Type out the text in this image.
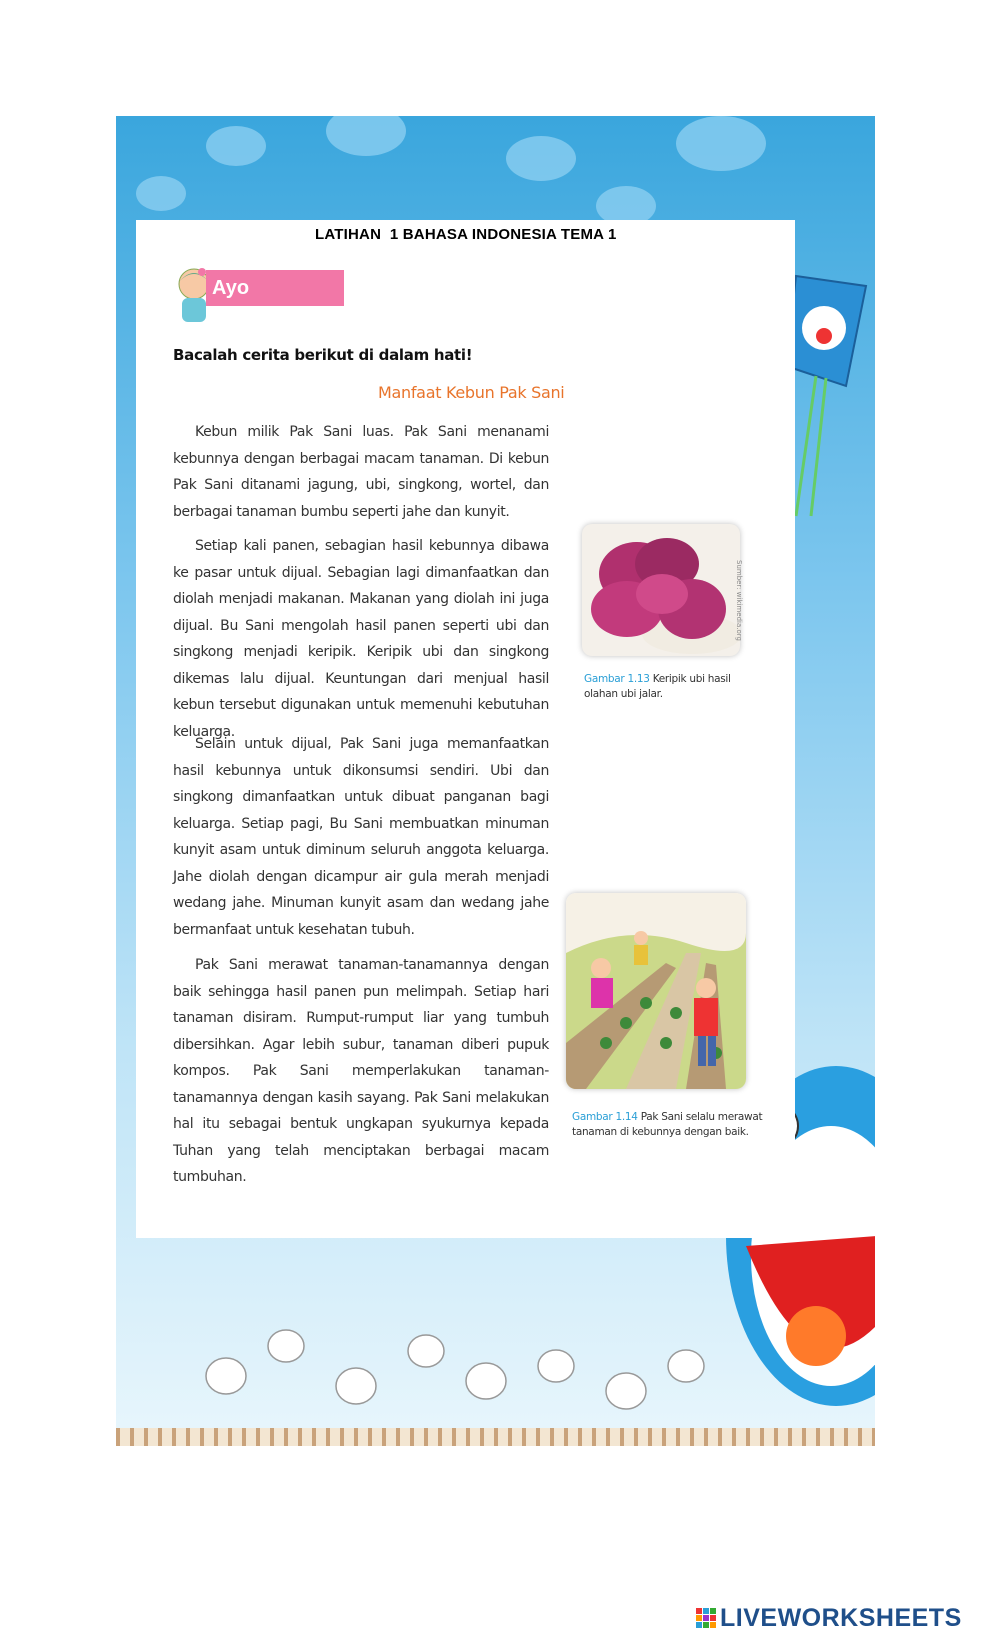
LATIHAN  1 BAHASA INDONESIA TEMA 1
Ayo Membaca
Bacalah cerita berikut di dalam hati!
Manfaat Kebun Pak Sani

Kebun milik Pak Sani luas. Pak Sani menanami kebunnya dengan berbagai macam tanaman. Di kebun Pak Sani ditanami jagung, ubi, singkong, wortel, dan berbagai tanaman bumbu seperti jahe dan kunyit.

Setiap kali panen, sebagian hasil kebunnya dibawa ke pasar untuk dijual. Sebagian lagi dimanfaatkan dan diolah menjadi makanan. Makanan yang diolah ini juga dijual. Bu Sani mengolah hasil panen seperti ubi dan singkong menjadi keripik. Keripik ubi dan singkong dikemas lalu dijual. Keuntungan dari menjual hasil kebun tersebut digunakan untuk memenuhi kebutuhan keluarga.

Selain untuk dijual, Pak Sani juga memanfaatkan hasil kebunnya untuk dikonsumsi sendiri. Ubi dan singkong dimanfaatkan untuk dibuat panganan bagi keluarga. Setiap pagi, Bu Sani membuatkan minuman kunyit asam untuk diminum seluruh anggota keluarga. Jahe diolah dengan dicampur air gula merah menjadi wedang jahe. Minuman kunyit asam dan wedang jahe bermanfaat untuk kesehatan tubuh.

Pak Sani merawat tanaman-tanamannya dengan baik sehingga hasil panen pun melimpah. Setiap hari tanaman disiram. Rumput-rumput liar yang tumbuh dibersihkan. Agar lebih subur, tanaman diberi pupuk kompos. Pak Sani memperlakukan tanaman-tanamannya dengan kasih sayang. Pak Sani melakukan hal itu sebagai bentuk ungkapan syukurnya kepada Tuhan yang telah menciptakan berbagai macam tumbuhan.

Sumber: wikimedia.org
Gambar 1.13 Keripik ubi hasil olahan ubi jalar.
Gambar 1.14 Pak Sani selalu merawat tanaman di kebunnya dengan baik.
LIVEWORKSHEETS
